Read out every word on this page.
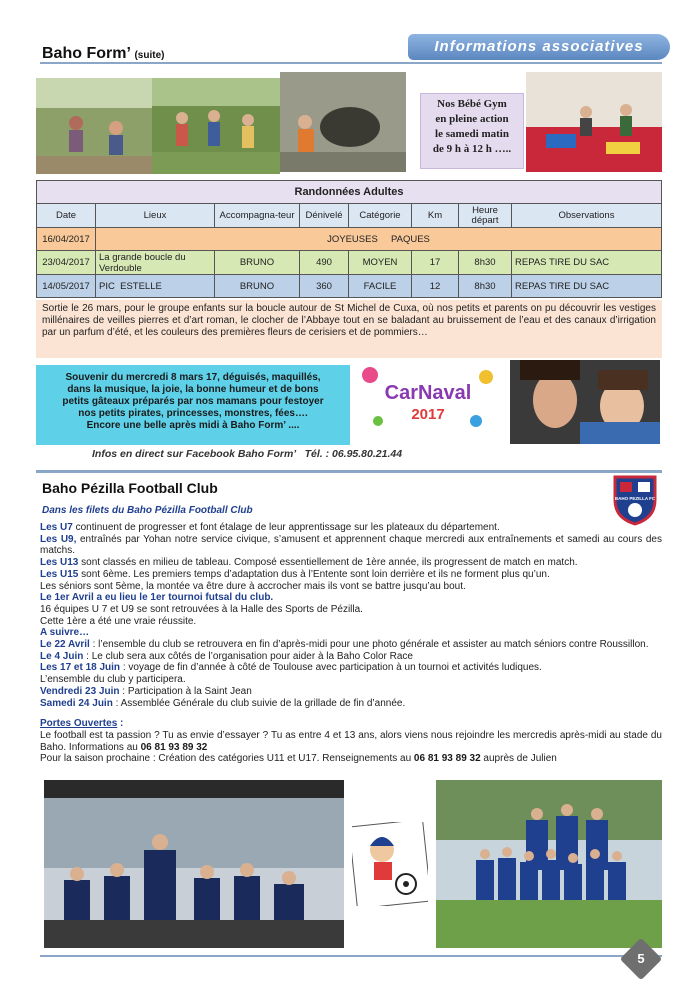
Informations associatives
Baho Form’ (suite)
Nos Bébé Gym
en pleine action
le samedi matin
de 9 h à 12 h …..
Randonnées Adultes							
Date	Lieux	Accompagna-teur	Dénivelé	Catégorie	Km	Heure départ	Observations
16/04/2017	JOYEUSES     PAQUES						
23/04/2017	La grande boucle du Verdouble	BRUNO	490	MOYEN	17	8h30	REPAS TIRE DU SAC
14/05/2017	PIC  ESTELLE	BRUNO	360	FACILE	12	8h30	REPAS TIRE DU SAC
Sortie le 26 mars, pour le groupe enfants sur la boucle autour de St Michel de Cuxa, où nos petits et parents on pu découvrir les vestiges millénaires de veilles pierres et d’art roman, le clocher de l’Abbaye tout en se baladant au bruissement de l’eau et des canaux d’irrigation par un parfum d’été, et les couleurs des premières fleurs de cerisiers et de pommiers…
Souvenir du mercredi 8 mars 17, déguisés, maquillés,
dans la musique, la joie, la bonne humeur et de bons
petits gâteaux préparés par nos mamans pour festoyer
nos petits pirates, princesses, monstres, fées….
Encore une belle après midi à Baho Form’ ....
CarNaval
2017
Infos en direct sur Facebook Baho Form’   Tél. : 06.95.80.21.44
Baho Pézilla Football Club
BAHO PEZILLA FC
Dans les filets du Baho Pézilla Football Club

Les U7 continuent de progresser et font étalage de leur apprentissage sur les plateaux du département.

Les U9, entraînés par Yohan notre service civique, s’amusent et apprennent chaque mercredi aux entraînements et samedi au cours des matchs.

Les U13 sont classés en milieu de tableau. Composé essentiellement de 1ère année, ils progressent de match en match.

Les U15 sont 6ème. Les premiers temps d’adaptation dus à l’Entente sont loin derrière et ils ne forment plus qu’un.

Les séniors sont 5ème, la montée va être dure à accrocher mais ils vont se battre jusqu’au bout.

Le 1er Avril a eu lieu le 1er tournoi futsal du club.

16 équipes U 7 et U9 se sont retrouvées à la Halle des Sports de Pézilla.

Cette 1ère a été une vraie réussite.

A suivre…

Le 22 Avril : l’ensemble du club se retrouvera en fin d’après-midi pour une photo générale et assister au match séniors contre Roussillon.

Le 4 Juin : Le club sera aux côtés de l’organisation pour aider à la Baho Color Race

Les 17 et 18 Juin : voyage de fin d’année à côté de Toulouse avec participation à un tournoi et activités ludiques.

L’ensemble du club y participera.

Vendredi 23 Juin : Participation à la Saint Jean

Samedi 24 Juin : Assemblée Générale du club suivie de la grillade de fin d’année.

Portes Ouvertes :

Le football est ta passion ? Tu as envie d’essayer ? Tu as entre 4 et 13 ans, alors viens nous rejoindre les mercredis après-midi au stade du Baho. Informations au 06 81 93 89 32

Pour la saison prochaine : Création des catégories U11 et U17. Renseignements au 06 81 93 89 32 auprès de Julien

5
